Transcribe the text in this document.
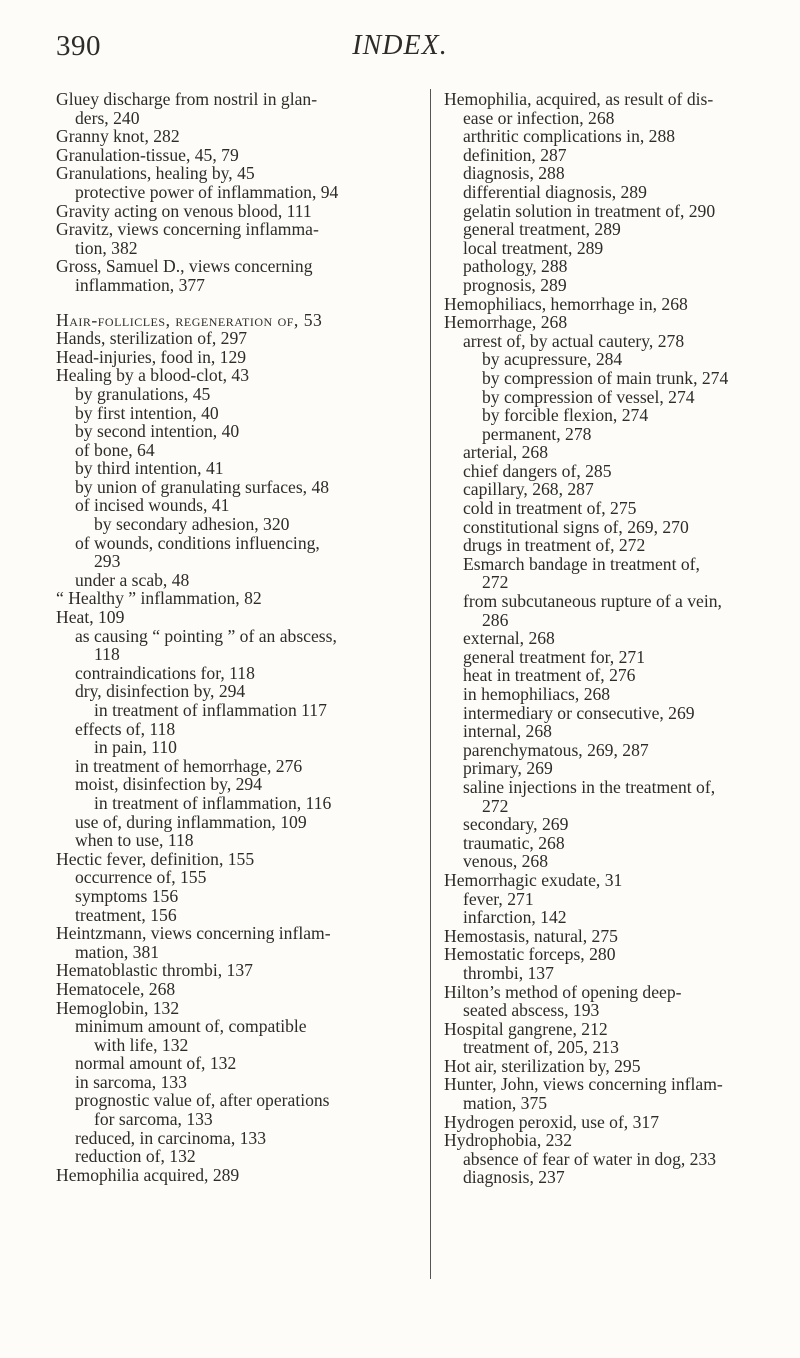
390	INDEX.
Gluey discharge from nostril in glan-
ders, 240
Granny knot, 282
Granulation-tissue, 45, 79
Granulations, healing by, 45
protective power of inflammation, 94
Gravity acting on venous blood, 111
Gravitz, views concerning inflamma-
tion, 382
Gross, Samuel D., views concerning
inflammation, 377
Hair-follicles, regeneration of, 53
Hands, sterilization of, 297
Head-injuries, food in, 129
Healing by a blood-clot, 43
by granulations, 45
by first intention, 40
by second intention, 40
of bone, 64
by third intention, 41
by union of granulating surfaces, 48
of incised wounds, 41
by secondary adhesion, 320
of wounds, conditions influencing,
293
under a scab, 48
“ Healthy ” inflammation, 82
Heat, 109
as causing “ pointing ” of an abscess,
118
contraindications for, 118
dry, disinfection by, 294
in treatment of inflammation 117
effects of, 118
in pain, 110
in treatment of hemorrhage, 276
moist, disinfection by, 294
in treatment of inflammation, 116
use of, during inflammation, 109
when to use, 118
Hectic fever, definition, 155
occurrence of, 155
symptoms 156
treatment, 156
Heintzmann, views concerning inflam-
mation, 381
Hematoblastic thrombi, 137
Hematocele, 268
Hemoglobin, 132
minimum amount of, compatible
with life, 132
normal amount of, 132
in sarcoma, 133
prognostic value of, after operations
for sarcoma, 133
reduced, in carcinoma, 133
reduction of, 132
Hemophilia acquired, 289
Hemophilia, acquired, as result of dis-
ease or infection, 268
arthritic complications in, 288
definition, 287
diagnosis, 288
differential diagnosis, 289
gelatin solution in treatment of, 290
general treatment, 289
local treatment, 289
pathology, 288
prognosis, 289
Hemophiliacs, hemorrhage in, 268
Hemorrhage, 268
arrest of, by actual cautery, 278
by acupressure, 284
by compression of main trunk, 274
by compression of vessel, 274
by forcible flexion, 274
permanent, 278
arterial, 268
chief dangers of, 285
capillary, 268, 287
cold in treatment of, 275
constitutional signs of, 269, 270
drugs in treatment of, 272
Esmarch bandage in treatment of,
272
from subcutaneous rupture of a vein,
286
external, 268
general treatment for, 271
heat in treatment of, 276
in hemophiliacs, 268
intermediary or consecutive, 269
internal, 268
parenchymatous, 269, 287
primary, 269
saline injections in the treatment of,
272
secondary, 269
traumatic, 268
venous, 268
Hemorrhagic exudate, 31
fever, 271
infarction, 142
Hemostasis, natural, 275
Hemostatic forceps, 280
thrombi, 137
Hilton’s method of opening deep-
seated abscess, 193
Hospital gangrene, 212
treatment of, 205, 213
Hot air, sterilization by, 295
Hunter, John, views concerning inflam-
mation, 375
Hydrogen peroxid, use of, 317
Hydrophobia, 232
absence of fear of water in dog, 233
diagnosis, 237
